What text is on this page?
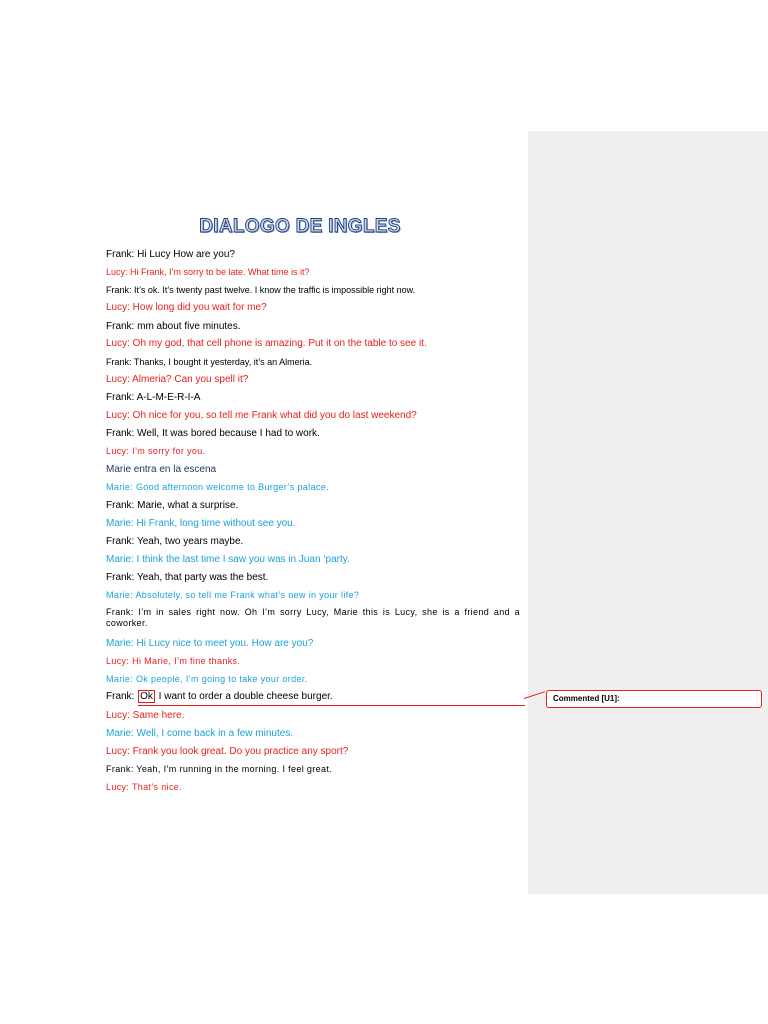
DIALOGO DE INGLES
Frank: Hi Lucy How are you?
Lucy: Hi Frank, I’m sorry to be late. What time is it?
Frank: It’s ok. It’s twenty past twelve. I know the traffic is impossible right now.
Lucy: How long did you wait for me?
Frank: mm about five minutes.
Lucy: Oh my god, that cell phone is amazing. Put it on the table to see it.
Frank: Thanks, I bought it yesterday, it’s an Almeria.
Lucy: Almeria? Can you spell it?
Frank: A-L-M-E-R-I-A
Lucy: Oh nice for you, so tell me Frank what did you do last weekend?
Frank: Well, It was bored because I had to work.
Lucy: I’m sorry for you.
Marie entra en la escena
Marie: Good afternoon welcome to Burger’s palace.
Frank: Marie, what a surprise.
Marie: Hi Frank, long time without see you.
Frank: Yeah, two years maybe.
Marie: I think the last time I saw you was in Juan ‘party.
Frank: Yeah, that party was the best.
Marie: Absolutely, so tell me Frank what’s new in your life?
Frank: I’m in sales right now. Oh I’m sorry Lucy, Marie this is Lucy, she is a friend and a coworker.
Marie: Hi Lucy nice to meet you. How are you?
Lucy: Hi Marie, I’m fine thanks.
Marie: Ok people, I’m going to take your order.
Frank: Ok I want to order a double cheese burger.
Lucy: Same here.
Marie: Well, I come back in a few minutes.
Lucy: Frank you look great. Do you practice any sport?
Frank: Yeah, I’m running in the morning. I feel great.
Lucy: That’s nice.
Commented [U1]:
